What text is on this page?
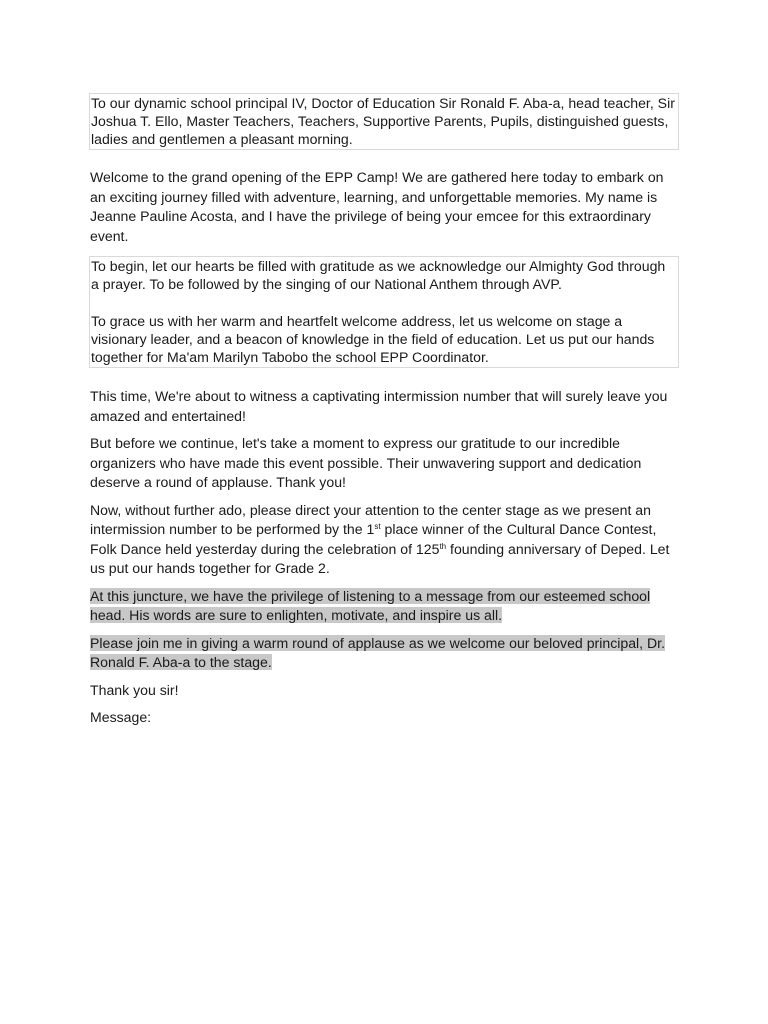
To our dynamic school principal IV, Doctor of Education Sir Ronald F. Aba-a, head teacher, Sir Joshua T. Ello, Master Teachers, Teachers, Supportive Parents, Pupils, distinguished guests, ladies and gentlemen a pleasant morning.

Welcome to the grand opening of the EPP Camp! We are gathered here today to embark on an exciting journey filled with adventure, learning, and unforgettable memories. My name is Jeanne Pauline Acosta, and I have the privilege of being your emcee for this extraordinary event.

To begin, let our hearts be filled with gratitude as we acknowledge our Almighty God through a prayer. To be followed by the singing of our National Anthem through AVP.

To grace us with her warm and heartfelt welcome address, let us welcome on stage a visionary leader, and a beacon of knowledge in the field of education. Let us put our hands together for Ma'am Marilyn Tabobo the school EPP Coordinator.

This time, We're about to witness a captivating intermission number that will surely leave you amazed and entertained!

But before we continue, let's take a moment to express our gratitude to our incredible organizers who have made this event possible. Their unwavering support and dedication deserve a round of applause. Thank you!

Now, without further ado, please direct your attention to the center stage as we present an intermission number to be performed by the 1st place winner of the Cultural Dance Contest, Folk Dance held yesterday during the celebration of 125th founding anniversary of Deped. Let us put our hands together for Grade 2.

At this juncture, we have the privilege of listening to a message from our esteemed school head. His words are sure to enlighten, motivate, and inspire us all.

Please join me in giving a warm round of applause as we welcome our beloved principal, Dr. Ronald F. Aba-a to the stage.

Thank you sir!

Message:
